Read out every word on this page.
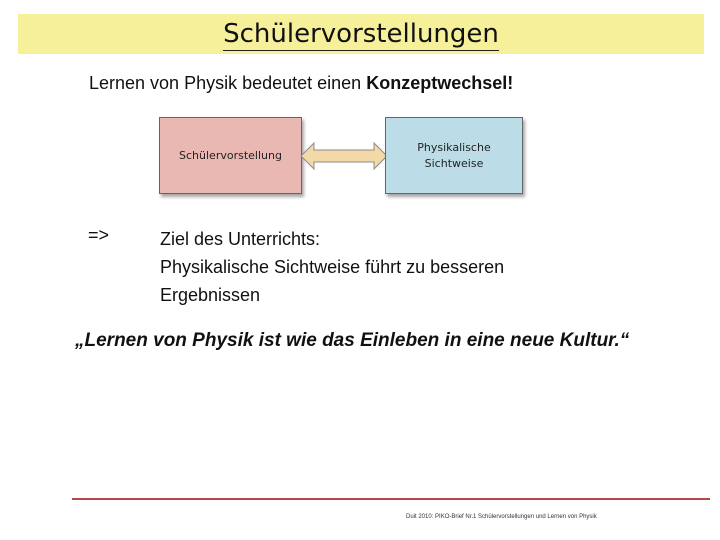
Schülervorstellungen
Lernen von Physik bedeutet einen Konzeptwechsel!
Schülervorstellung
Physikalische Sichtweise
=>	Ziel des Unterrichts:
Physikalische Sichtweise führt zu besseren Ergebnissen
„Lernen von Physik ist wie das Einleben in eine neue Kultur.“
Duit 2010: PIKO-Brief Nr.1 Schülervorstellungen und Lernen von Physik
